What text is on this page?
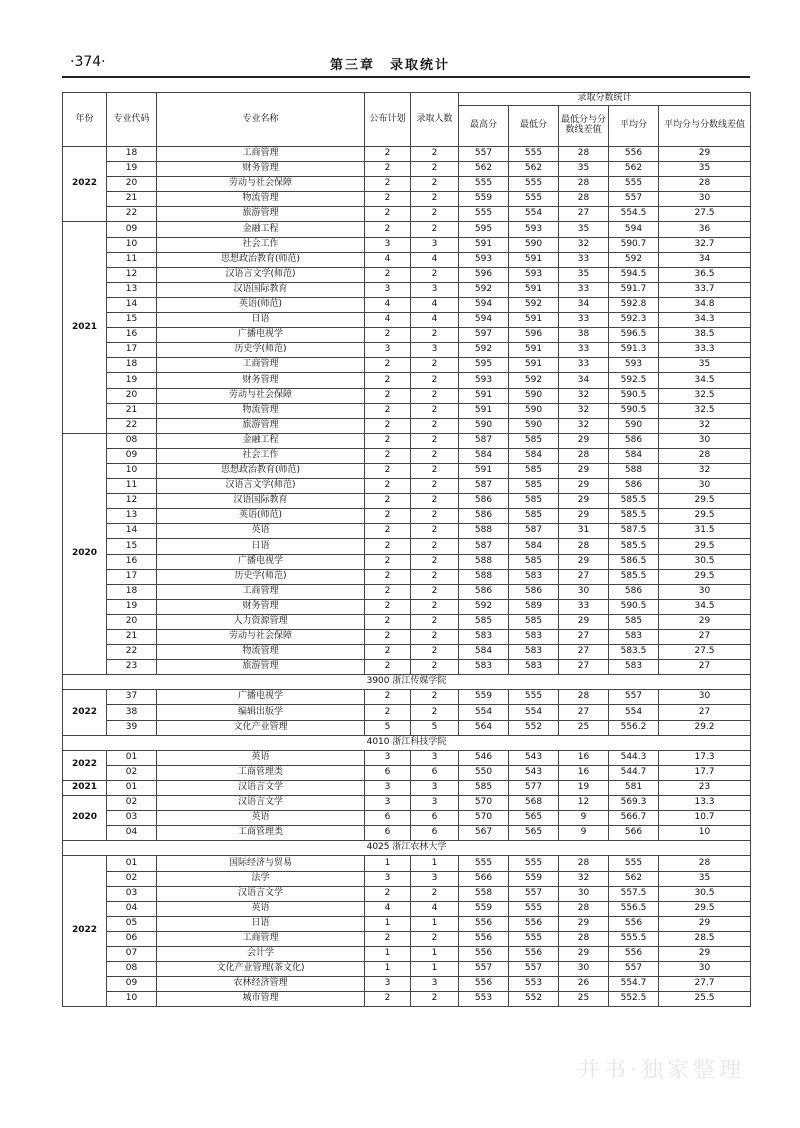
·374·	第三章　录取统计
年份	专业代码	专业名称	公布计划	录取人数	录取分数统计				
					最高分	最低分	最低分与分数线差值	平均分	平均分与分数线差值
2022	18	工商管理	2	2	557	555	28	556	29
	19	财务管理	2	2	562	562	35	562	35
	20	劳动与社会保障	2	2	555	555	28	555	28
	21	物流管理	2	2	559	555	28	557	30
	22	旅游管理	2	2	555	554	27	554.5	27.5
2021	09	金融工程	2	2	595	593	35	594	36
	10	社会工作	3	3	591	590	32	590.7	32.7
	11	思想政治教育(师范)	4	4	593	591	33	592	34
	12	汉语言文学(师范)	2	2	596	593	35	594.5	36.5
	13	汉语国际教育	3	3	592	591	33	591.7	33.7
	14	英语(师范)	4	4	594	592	34	592.8	34.8
	15	日语	4	4	594	591	33	592.3	34.3
	16	广播电视学	2	2	597	596	38	596.5	38.5
	17	历史学(师范)	3	3	592	591	33	591.3	33.3
	18	工商管理	2	2	595	591	33	593	35
	19	财务管理	2	2	593	592	34	592.5	34.5
	20	劳动与社会保障	2	2	591	590	32	590.5	32.5
	21	物流管理	2	2	591	590	32	590.5	32.5
	22	旅游管理	2	2	590	590	32	590	32
2020	08	金融工程	2	2	587	585	29	586	30
	09	社会工作	2	2	584	584	28	584	28
	10	思想政治教育(师范)	2	2	591	585	29	588	32
	11	汉语言文学(师范)	2	2	587	585	29	586	30
	12	汉语国际教育	2	2	586	585	29	585.5	29.5
	13	英语(师范)	2	2	586	585	29	585.5	29.5
	14	英语	2	2	588	587	31	587.5	31.5
	15	日语	2	2	587	584	28	585.5	29.5
	16	广播电视学	2	2	588	585	29	586.5	30.5
	17	历史学(师范)	2	2	588	583	27	585.5	29.5
	18	工商管理	2	2	586	586	30	586	30
	19	财务管理	2	2	592	589	33	590.5	34.5
	20	人力资源管理	2	2	585	585	29	585	29
	21	劳动与社会保障	2	2	583	583	27	583	27
	22	物流管理	2	2	584	583	27	583.5	27.5
	23	旅游管理	2	2	583	583	27	583	27
3900 浙江传媒学院									
2022	37	广播电视学	2	2	559	555	28	557	30
	38	编辑出版学	2	2	554	554	27	554	27
	39	文化产业管理	5	5	564	552	25	556.2	29.2
4010 浙江科技学院									
2022	01	英语	3	3	546	543	16	544.3	17.3
	02	工商管理类	6	6	550	543	16	544.7	17.7
2021	01	汉语言文学	3	3	585	577	19	581	23
2020	02	汉语言文学	3	3	570	568	12	569.3	13.3
	03	英语	6	6	570	565	9	566.7	10.7
	04	工商管理类	6	6	567	565	9	566	10
4025 浙江农林大学									
2022	01	国际经济与贸易	1	1	555	555	28	555	28
	02	法学	3	3	566	559	32	562	35
	03	汉语言文学	2	2	558	557	30	557.5	30.5
	04	英语	4	4	559	555	28	556.5	29.5
	05	日语	1	1	556	556	29	556	29
	06	工商管理	2	2	556	555	28	555.5	28.5
	07	会计学	1	1	556	556	29	556	29
	08	文化产业管理(茶文化)	1	1	557	557	30	557	30
	09	农林经济管理	3	3	556	553	26	554.7	27.7
	10	城市管理	2	2	553	552	25	552.5	25.5
并书·独家整理
